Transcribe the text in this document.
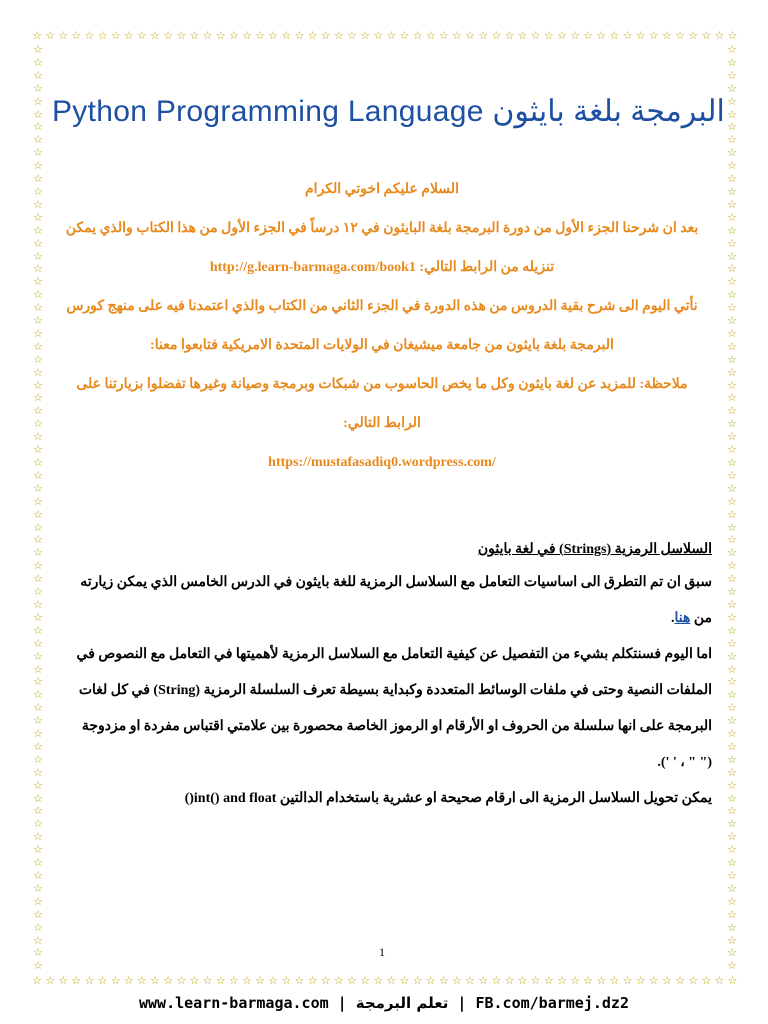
☆ ☆ ☆ ☆ ☆ ☆ ☆ ☆ ☆ ☆ ☆ ☆ ☆ ☆ ☆ ☆ ☆ ☆ ☆ ☆ ☆ ☆ ☆ ☆ ☆ ☆ ☆ ☆ ☆ ☆ ☆ ☆ ☆ ☆ ☆ ☆ ☆ ☆ ☆ ☆ ☆ ☆ ☆ ☆ ☆ ☆ ☆ ☆ ☆ ☆ ☆ ☆ ☆ ☆
☆ ☆ ☆ ☆ ☆ ☆ ☆ ☆ ☆ ☆ ☆ ☆ ☆ ☆ ☆ ☆ ☆ ☆ ☆ ☆ ☆ ☆ ☆ ☆ ☆ ☆ ☆ ☆ ☆ ☆ ☆ ☆ ☆ ☆ ☆ ☆ ☆ ☆ ☆ ☆ ☆ ☆ ☆ ☆ ☆ ☆ ☆ ☆ ☆ ☆ ☆ ☆ ☆ ☆
☆
☆
☆
☆
☆
☆
☆
☆
☆
☆
☆
☆
☆
☆
☆
☆
☆
☆
☆
☆
☆
☆
☆
☆
☆
☆
☆
☆
☆
☆
☆
☆
☆
☆
☆
☆
☆
☆
☆
☆
☆
☆
☆
☆
☆
☆
☆
☆
☆
☆
☆
☆
☆
☆
☆
☆
☆
☆
☆
☆
☆
☆
☆
☆
☆
☆
☆
☆
☆
☆
☆
☆
☆
☆
☆
☆
☆
☆
☆
☆
☆
☆
☆
☆
☆
☆
☆
☆
☆
☆
☆
☆
☆
☆
☆
☆
☆
☆
☆
☆
☆
☆
☆
☆
☆
☆
☆
☆
☆
☆
☆
☆
☆
☆
☆
☆
☆
☆
☆
☆
☆
☆
☆
☆
☆
☆
☆
☆
☆
☆
☆
☆
☆
☆
☆
☆
☆
☆
☆
☆
☆
☆
☆
☆
Python Programming Language البرمجة بلغة بايثون
السلام عليكم اخوتي الكرام
بعد ان شرحنا الجزء الأول من دورة البرمجة بلغة البايثون في ١٢ درساً في الجزء الأول من هذا الكتاب والذي يمكن
تنزيله من الرابط التالي: http://g.learn-barmaga.com/book1
نأتي اليوم الى شرح بقية الدروس من هذه الدورة في الجزء الثاني من الكتاب والذي اعتمدنا فيه على منهج كورس
البرمجة بلغة بايثون من جامعة ميشيغان في الولايات المتحدة الامريكية فتابعوا معنا:
ملاحظة: للمزيد عن لغة بايثون وكل ما يخص الحاسوب من شبكات وبرمجة وصيانة وغيرها تفضلوا بزيارتنا على
الرابط التالي:
https://mustafasadiq0.wordpress.com/
السلاسل الرمزية (Strings) في لغة بايثون
سبق ان تم التطرق الى اساسيات التعامل مع السلاسل الرمزية للغة بايثون في الدرس الخامس الذي يمكن زيارته
من هنا.
اما اليوم فسنتكلم بشيء من التفصيل عن كيفية التعامل مع السلاسل الرمزية لأهميتها في التعامل مع النصوص في
الملفات النصية وحتى في ملفات الوسائط المتعددة وكبداية بسيطة تعرف السلسلة الرمزية (String) في كل لغات
البرمجة على انها سلسلة من الحروف او الأرقام او الرموز الخاصة محصورة بين علامتي اقتباس مفردة او مزدوجة
(" " ، ' ').
يمكن تحويل السلاسل الرمزية الى ارقام صحيحة او عشرية باستخدام الدالتين int() and float()
1
www.learn-barmaga.com | تعلم البرمجة | FB.com/barmej.dz2
